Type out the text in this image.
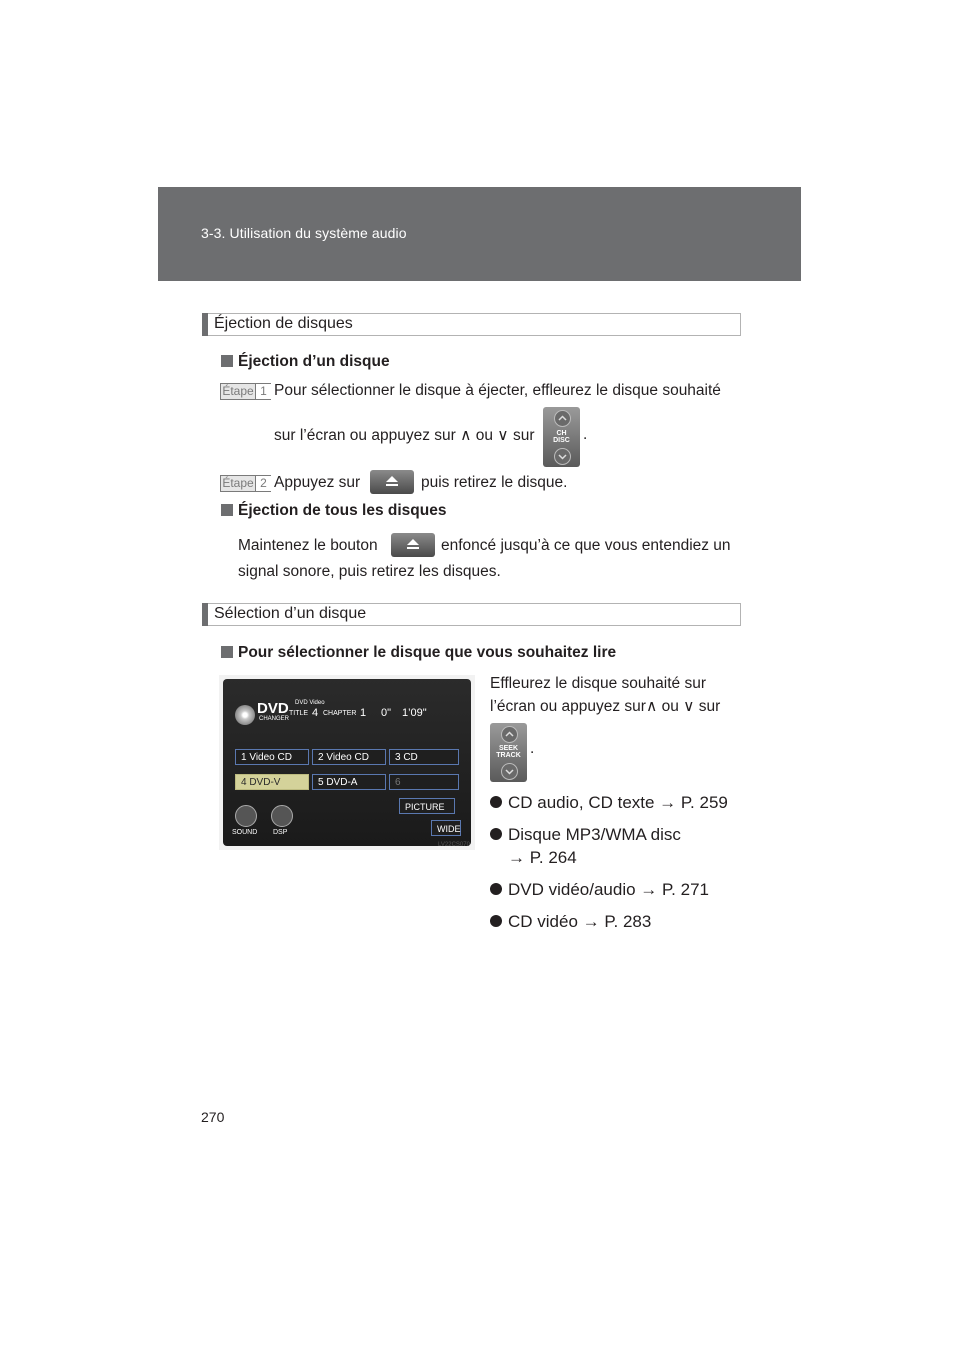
3-3. Utilisation du système audio
Éjection de disques
Éjection d’un disque
Étape 1 Pour sélectionner le disque à éjecter, effleurez le disque souhaité
sur l’écran ou appuyez sur ∧ ou ∨ sur	CH
DISC .
Étape 2 Appuyez sur	puis retirez le disque.
Éjection de tous les disques
Maintenez le bouton	enfoncé jusqu’à ce que vous entendiez un
signal sonore, puis retirez les disques.
Sélection d’un disque
Pour sélectionner le disque que vous souhaitez lire
DVD
CHANGER
DVD Video
TITLE 4 CHAPTER 1 0" 1’09"
1 Video CD	2 Video CD	3 CD
4 DVD-V	5 DVD-A	6
PICTURE
WIDE
SOUND DSP
LV22CS070
Effleurez le disque souhaité sur
l’écran ou appuyez sur∧ ou ∨ sur
SEEK
TRACK .
CD audio, CD texte → P. 259
Disque MP3/WMA disc
→ P. 264
DVD vidéo/audio → P. 271
CD vidéo → P. 283
270
